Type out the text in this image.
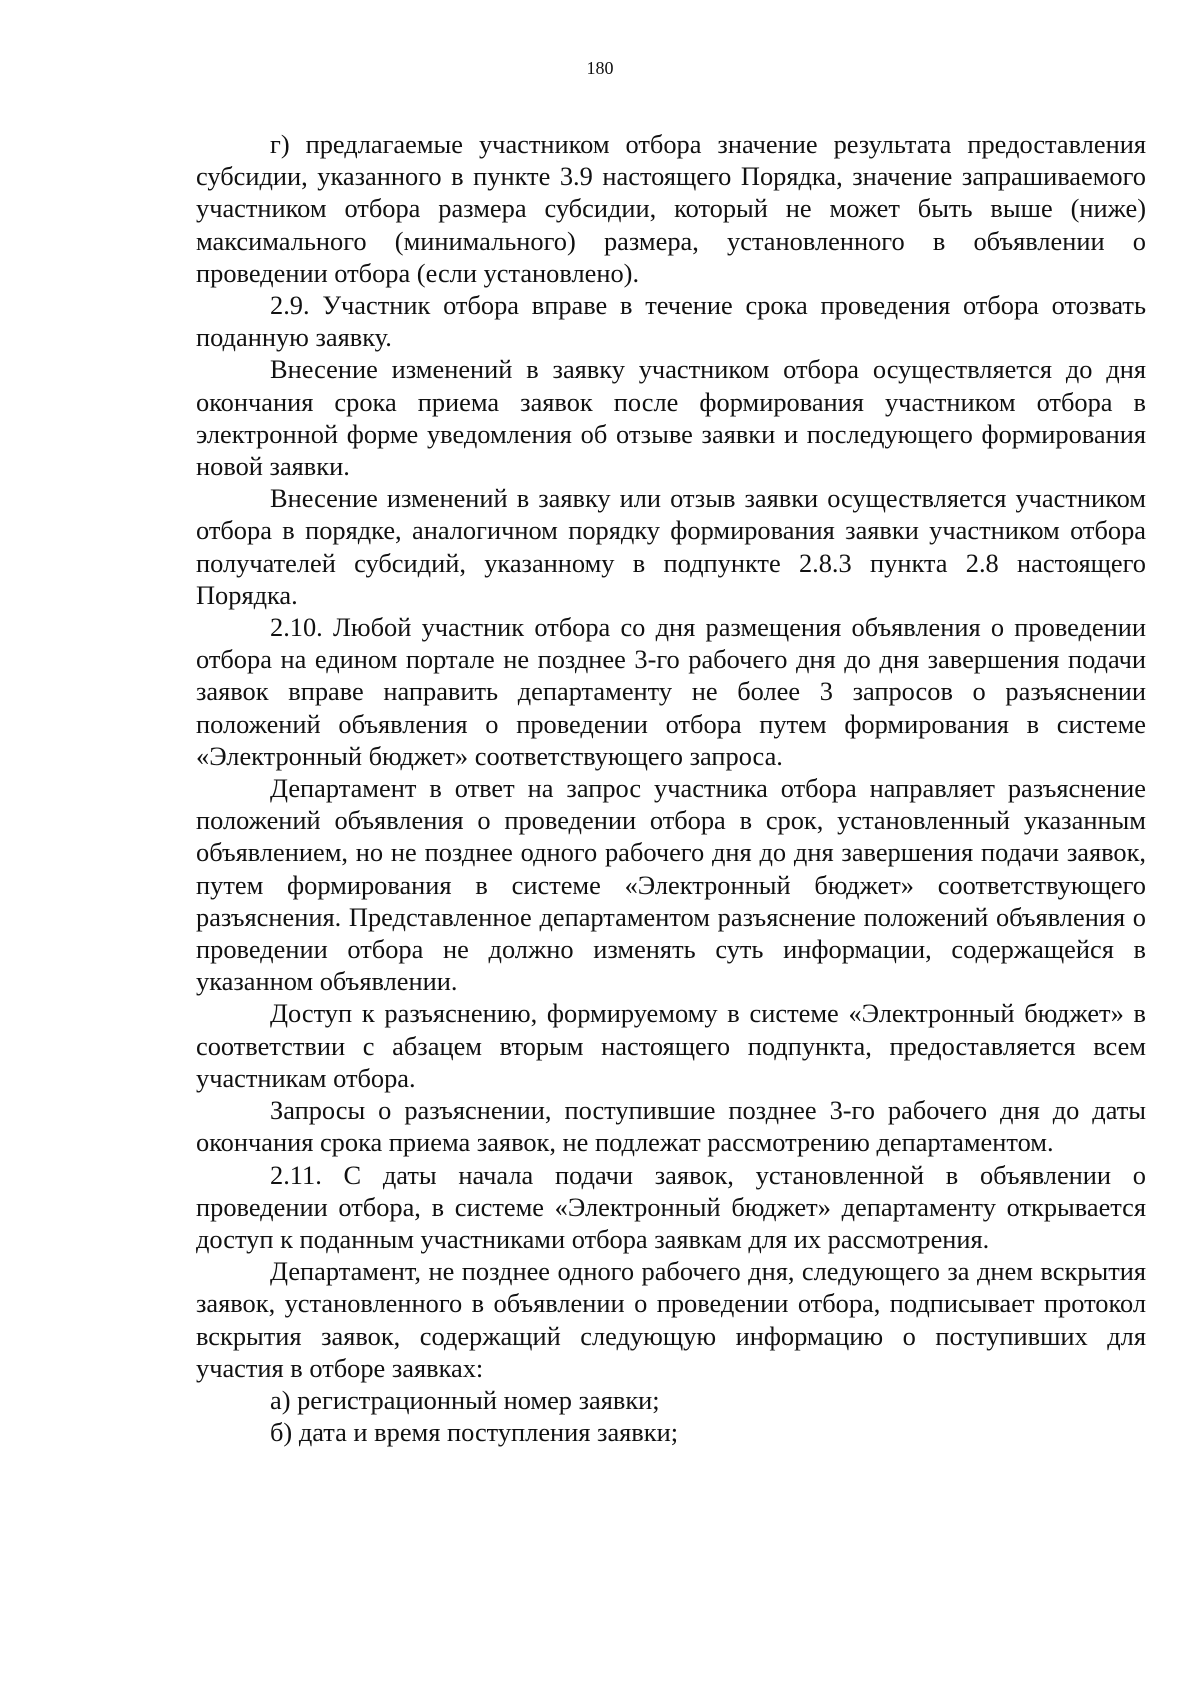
180

г) предлагаемые участником отбора значение результата предоставления субсидии, указанного в пункте 3.9 настоящего Порядка, значение запрашиваемого участником отбора размера субсидии, который не может быть выше (ниже) максимального (минимального) размера, установленного в объявлении о проведении отбора (если установлено).

2.9. Участник отбора вправе в течение срока проведения отбора отозвать поданную заявку.

Внесение изменений в заявку участником отбора осуществляется до дня окончания срока приема заявок после формирования участником отбора в электронной форме уведомления об отзыве заявки и последующего формирования новой заявки.

Внесение изменений в заявку или отзыв заявки осуществляется участником отбора в порядке, аналогичном порядку формирования заявки участником отбора получателей субсидий, указанному в подпункте 2.8.3 пункта 2.8 настоящего Порядка.

2.10. Любой участник отбора со дня размещения объявления о проведении отбора на едином портале не позднее 3-го рабочего дня до дня завершения подачи заявок вправе направить департаменту не более 3 запросов о разъяснении положений объявления о проведении отбора путем формирования в системе «Электронный бюджет» соответствующего запроса.

Департамент в ответ на запрос участника отбора направляет разъяснение положений объявления о проведении отбора в срок, установленный указанным объявлением, но не позднее одного рабочего дня до дня завершения подачи заявок, путем формирования в системе «Электронный бюджет» соответствующего разъяснения. Представленное департаментом разъяснение положений объявления о проведении отбора не должно изменять суть информации, содержащейся в указанном объявлении.

Доступ к разъяснению, формируемому в системе «Электронный бюджет» в соответствии с абзацем вторым настоящего подпункта, предоставляется всем участникам отбора.

Запросы о разъяснении, поступившие позднее 3-го рабочего дня до даты окончания срока приема заявок, не подлежат рассмотрению департаментом.

2.11. С даты начала подачи заявок, установленной в объявлении о проведении отбора, в системе «Электронный бюджет» департаменту открывается доступ к поданным участниками отбора заявкам для их рассмотрения.

Департамент, не позднее одного рабочего дня, следующего за днем вскрытия заявок, установленного в объявлении о проведении отбора, подписывает протокол вскрытия заявок, содержащий следующую информацию о поступивших для участия в отборе заявках:

а) регистрационный номер заявки;

б) дата и время поступления заявки;
